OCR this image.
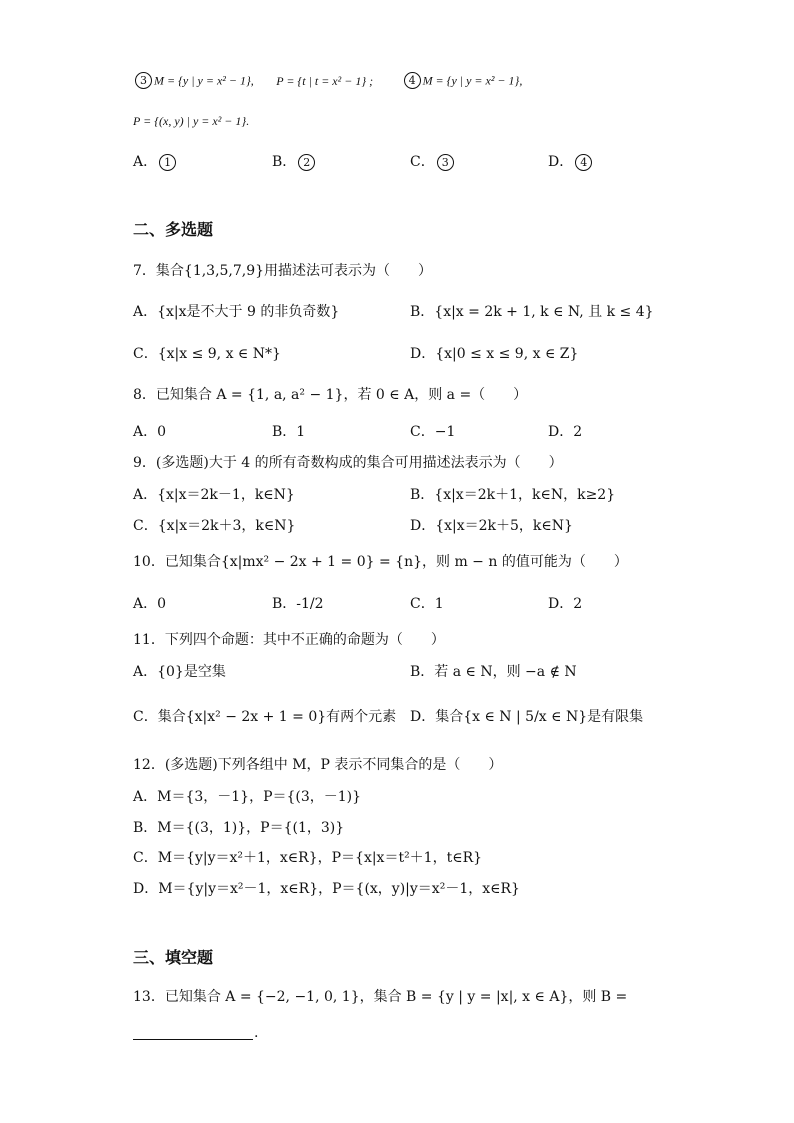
3 M = {y | y = x² − 1}, P = {t | t = x² − 1} ;	4 M = {y | y = x² − 1},
P = {(x, y) | y = x² − 1}.
A． 1	B． 2	C． 3	D． 4
二、多选题
7．集合{1,3,5,7,9}用描述法可表示为（　　）
A．{x|x是不大于 9 的非负奇数}	B．{x|x = 2k + 1, k ∈ N, 且 k ≤ 4}
C．{x|x ≤ 9, x ∈ N*}	D．{x|0 ≤ x ≤ 9, x ∈ Z}
8．已知集合 A = {1, a, a² − 1}，若 0 ∈ A，则 a =（　　）
A．0	B．1	C．−1	D．2
9．(多选题)大于 4 的所有奇数构成的集合可用描述法表示为（　　）
A．{x|x＝2k－1，k∈N}	B．{x|x＝2k＋1，k∈N，k≥2}
C．{x|x＝2k＋3，k∈N}	D．{x|x＝2k＋5，k∈N}
10．已知集合{x|mx² − 2x + 1 = 0} = {n}，则 m − n 的值可能为（　　）
A．0	B．-1/2	C．1	D．2
11．下列四个命题：其中不正确的命题为（　　）
A．{0}是空集	B．若 a ∈ N，则 −a ∉ N
C．集合{x|x² − 2x + 1 = 0}有两个元素 D．集合{x ∈ N | 5/x ∈ N}是有限集
12．(多选题)下列各组中 M，P 表示不同集合的是（　　）
A．M＝{3，－1}，P＝{(3，－1)}
B．M＝{(3，1)}，P＝{(1，3)}
C．M＝{y|y＝x²＋1，x∈R}，P＝{x|x＝t²＋1，t∈R}
D．M＝{y|y＝x²－1，x∈R}，P＝{(x，y)|y＝x²－1，x∈R}
三、填空题
13．已知集合 A = {−2, −1, 0, 1}，集合 B = {y | y = |x|, x ∈ A}，则 B =
.
